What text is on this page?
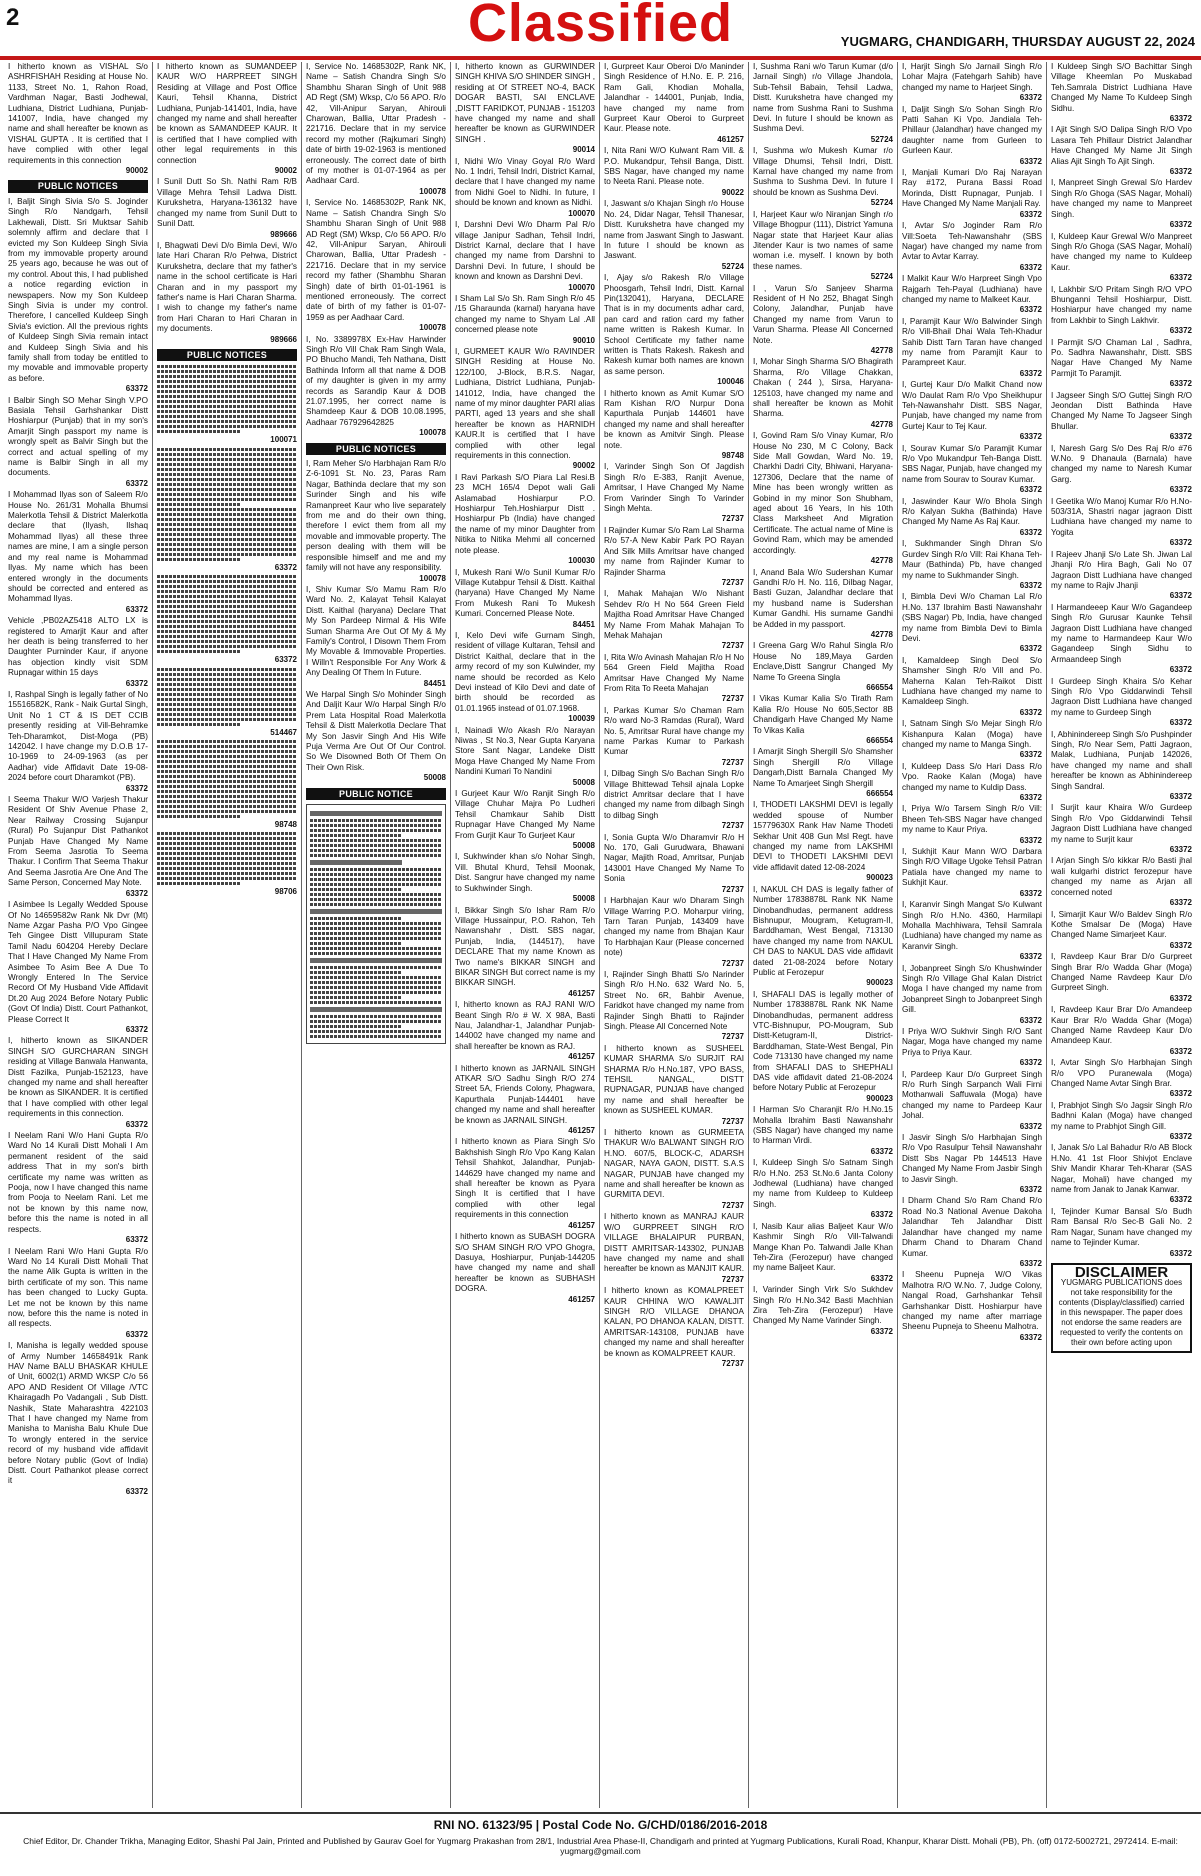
2	Classified	YUGMARG, CHANDIGARH, THURSDAY AUGUST 22, 2024

I hitherto known as VISHAL S/o ASHRFISHAH Residing at House No. 1133, Street No. 1, Rahon Road, Vardhman Nagar, Basti Jodhewal, Ludhiana, District Ludhiana, Punjab-141007, India, have changed my name and shall hereafter be known as VISHAL GUPTA . It is certified that I have complied with other legal requirements in this connection

90002
PUBLIC NOTICES

I, Baljit Singh Sivia S/o S. Joginder Singh R/o Nandgarh, Tehsil Lakhewali, Distt. Sri Muktsar Sahib solemnly affirm and declare that I evicted my Son Kuldeep Singh Sivia from my immovable property around 25 years ago, because he was out of my control. About this, I had published a notice regarding eviction in newspapers. Now my Son Kuldeep Singh Sivia is under my control. Therefore, I cancelled Kuldeep Singh Sivia's eviction. All the previous rights of Kuldeep Singh Sivia remain intact and Kuldeep Singh Sivia and his family shall from today be entitled to my movable and immovable property as before.

63372

I Balbir Singh SO Mehar Singh V.PO Basiala Tehsil Garhshankar Distt Hoshiarpur (Punjab) that in my son's Amarjit Singh passport my name is wrongly spelt as Balvir Singh but the correct and actual spelling of my name is Balbir Singh in all my documents.

63372

I Mohammad Ilyas son of Saleem R/o House No. 261/31 Mohalla Bhumsi Malerkotla Tehsil & District Malerkotla declare that (Ilyash, Ilshaq Mohammad Ilyas) all these three names are mine, I am a single person and my real name is Mohammad Ilyas. My name which has been entered wrongly in the documents should be corrected and entered as Mohammad Ilyas.

63372

Vehicle ,PB02AZ5418 ALTO LX is registered to Amarjit Kaur and after her death is being transferred to her Daughter Purninder Kaur, if anyone has objection kindly visit SDM Rupnagar within 15 days

63372

I, Rashpal Singh is legally father of No 15516582K, Rank - Naik Gurtal Singh, Unit No 1 CT & IS DET CCIB presently residing at Vill-Behramke Teh-Dharamkot, Dist-Moga (PB) 142042. I have change my D.O.B 17-10-1969 to 24-09-1963 (as per Aadhar) vide Affidavit Date 19-08-2024 before court Dharamkot (PB).

63372

I Seema Thakur W/O Varjesh Thakur Resident Of Shiv Avenue Phase 2, Near Railway Crossing Sujanpur (Rural) Po Sujanpur Dist Pathankot Punjab Have Changed My Name From Seema Jasrotia To Seema Thakur. I Confirm That Seema Thakur And Seema Jasrotia Are One And The Same Person, Concerned May Note.

63372

I Asimbee Is Legally Wedded Spouse Of No 14659582w Rank Nk Dvr (Mt) Name Azgar Pasha P/O Vpo Gingee Teh Gingee Distt Villupuram State Tamil Nadu 604204 Hereby Declare That I Have Changed My Name From Asimbee To Asim Bee A Due To Wrongly Entered In The Service Record Of My Husband Vide Affidavit Dt.20 Aug 2024 Before Notary Public (Govt Of India) Distt. Court Pathankot, Please Correct It

63372

I, hitherto known as SIKANDER SINGH S/O GURCHARAN SINGH residing at Village Banwala Hanwanta, Distt Fazilka, Punjab-152123, have changed my name and shall hereafter be known as SIKANDER. It is certified that I have complied with other legal requirements in this connection.

63372

I Neelam Rani W/o Hani Gupta R/o Ward No 14 Kurali Distt Mohali I Am permanent resident of the said address That in my son's birth certificate my name was written as Pooja, now I have changed this name from Pooja to Neelam Rani. Let me not be known by this name now, before this the name is noted in all respects.

63372

I Neelam Rani W/o Hani Gupta R/o Ward No 14 Kurali Distt Mohali That the name Alik Gupta is written in the birth certificate of my son. This name has been changed to Lucky Gupta. Let me not be known by this name now, before this the name is noted in all respects.

63372

I, Manisha is legally wedded spouse of Army Number 14658491k Rank HAV Name BALU BHASKAR KHULE of Unit, 6002(1) ARMD WKSP C/o 56 APO AND Resident Of Village /VTC Khairagadh Po Vadangali , Sub Distt. Nashik, State Maharashtra 422103 That I have changed my Name from Manisha to Manisha Balu Khule Due To wrongly entered in the service record of my husband vide affidavit before Notary public (Govt of India) Distt. Court Pathankot please correct it

63372

I hitherto known as SUMANDEEP KAUR W/O HARPREET SINGH Residing at Village and Post Office Kauri, Tehsil Khanna, District Ludhiana, Punjab-141401, India, have changed my name and shall hereafter be known as SAMANDEEP KAUR. It is certified that I have complied with other legal requirements in this connection

90002

I Sunil Dutt So Sh. Nathi Ram R/B Village Mehra Tehsil Ladwa Distt. Kurukshetra, Haryana-136132 have changed my name from Sunil Dutt to Sunil Datt.

989666

I, Bhagwati Devi D/o Bimla Devi, W/o late Hari Charan R/o Pehwa, District Kurukshetra, declare that my father's name in the school certificate is Hari Charan and in my passport my father's name is Hari Charan Sharma. I wish to change my father's name from Hari Charan to Hari Charan in my documents.

989666
PUBLIC NOTICES
100071
63372
63372
514467
98748
98706

I, Service No. 14685302P, Rank NK, Name – Satish Chandra Singh S/o Shambhu Sharan Singh of Unit 988 AD Regt (SM) Wksp, C/o 56 APO. R/o 42, Vill-Anipur Saryan, Ahirouli Charowan, Ballia, Uttar Pradesh - 221716. Declare that in my service record my mother (Rajkumari Singh) date of birth 19-02-1963 is mentioned erroneously. The correct date of birth of my mother is 01-07-1964 as per Aadhaar Card.

100078

I, Service No. 14685302P, Rank NK, Name – Satish Chandra Singh S/o Shambhu Sharan Singh of Unit 988 AD Regt (SM) Wksp, C/o 56 APO. R/o 42, Vill-Anipur Saryan, Ahirouli Charowan, Ballia, Uttar Pradesh - 221716. Declare that in my service record my father (Shambhu Sharan Singh) date of birth 01-01-1961 is mentioned erroneously. The correct date of birth of my father is 01-07-1959 as per Aadhaar Card.

100078

I, No. 3389978X Ex-Hav Harwinder Singh R/o Vill Chak Ram Singh Wala, PO Bhucho Mandi, Teh Nathana, Distt Bathinda Inform all that name & DOB of my daughter is given in my army records as Sarandip Kaur & DOB 21.07.1995, her correct name is Shamdeep Kaur & DOB 10.08.1995, Aadhaar 767929642825

100078
PUBLIC NOTICES

I, Ram Meher S/o Harbhajan Ram R/o Z-6-1091 St. No. 23, Paras Ram Nagar, Bathinda declare that my son Surinder Singh and his wife Ramanpreet Kaur who live separately from me and do their own thing, therefore I evict them from all my movable and immovable property. The person dealing with them will be responsible himself and me and my family will not have any responsibility.

100078

I, Shiv Kumar S/o Mamu Ram R/o Ward No. 2, Kalayat Tehsil Kalayat Distt. Kaithal (haryana) Declare That My Son Pardeep Nirmal & His Wife Suman Sharma Are Out Of My & My Family's Control, I Disown Them From My Movable & Immovable Properties. I Willn't Responsible For Any Work & Any Dealing Of Them In Future.

84451

We Harpal Singh S/o Mohinder Singh And Daljit Kaur W/o Harpal Singh R/o Prem Lata Hospital Road Malerkotla Tehsil & Distt Malerkotla Declare That My Son Jasvir Singh And His Wife Puja Verma Are Out Of Our Control. So We Disowned Both Of Them On Their Own Risk.

50008
PUBLIC NOTICE

I, hitherto known as GURWINDER SINGH KHIVA S/O SHINDER SINGH , residing at Of STREET NO-4, BACK DOGAR BASTI, SAI ENCLAVE ,DISTT FARIDKOT, PUNJAB - 151203 have changed my name and shall hereafter be known as GURWINDER SINGH .

90014

I, Nidhi W/o Vinay Goyal R/o Ward No. 1 Indri, Tehsil Indri, District Karnal, declare that I have changed my name from Nidhi Goel to Nidhi. In future, I should be known and known as Nidhi.

100070

I, Darshni Devi W/o Dharm Pal R/o village Janipur Sadhan, Tehsil Indri, District Karnal, declare that I have changed my name from Darshni to Darshni Devi. In future, I should be known and known as Darshni Devi.

100070

I Sham Lal S/o Sh. Ram Singh R/o 45 /15 Gharaunda (karnal) haryana have changed my name to Shyam Lal .All concerned please note

90010

I, GURMEET KAUR W/o RAVINDER SINGH Residing at House No. 122/100, J-Block, B.R.S. Nagar, Ludhiana, District Ludhiana, Punjab-141012, India, have changed the name of my minor daughter PARI alias PARTI, aged 13 years and she shall hereafter be known as HARNIDH KAUR.It is certified that I have complied with other legal requirements in this connection.

90002

I Ravi Parkash S/O Piara Lal Resi.B 23 MCH 165/4 Depot wali Gali Aslamabad Hoshiarpur P.O. Hoshiarpur Teh.Hoshiarpur Distt . Hoshiarpur Pb (India) have changed the name of my minor Daughter from Nitika to Nitika Mehmi all concerned note please.

100030

I, Mukesh Rani W/o Sunil Kumar R/o Village Kutabpur Tehsil & Distt. Kaithal (haryana) Have Changed My Name From Mukesh Rani To Mukesh Kumari. Concerned Please Note.

84451

I, Kelo Devi wife Gurnam Singh, resident of village Kultaran, Tehsil and District Kaithal, declare that in the army record of my son Kulwinder, my name should be recorded as Kelo Devi instead of Kilo Devi and date of birth should be recorded as 01.01.1965 instead of 01.07.1968.

100039

I, Nainadi W/o Akash R/o Narayan Niwas , St No.3, Near Gupta Karyana Store Sant Nagar, Landeke Distt Moga Have Changed My Name From Nandini Kumari To Nandini

50008

I Gurjeet Kaur W/o Ranjit Singh R/o Village Chuhar Majra Po Ludheri Tehsil Chamkaur Sahib Distt Rupnagar Have Changed My Name From Gurjit Kaur To Gurjeet Kaur

50008

I, Sukhwinder khan s/o Nohar Singh, Vill. Bhutal Khurd, Tehsil Moonak, Dist. Sangrur have changed my name to Sukhwinder Singh.

50008

I, Bikkar Singh S/o Ishar Ram R/o Village Hussainpur, P.O. Rahon, Teh Nawanshahr , Distt. SBS nagar, Punjab, India, (144517), have DECLARE That my name Known as Two name's BIKKAR SINGH and BIKAR SINGH But correct name is my BIKKAR SINGH.

461257

I, hitherto known as RAJ RANI W/O Beant Singh R/o # W. X 98A, Basti Nau, Jalandhar-1, Jalandhar Punjab-144002 have changed my name and shall hereafter be known as RAJ.

461257

I hitherto known as JARNAIL SINGH ATKAR S/O Sadhu Singh R/O 274 Street 5A, Friends Colony, Phagwara, Kapurthala Punjab-144401 have changed my name and shall hereafter be known as JARNAIL SINGH.

461257

I hitherto known as Piara Singh S/o Bakhshish Singh R/o Vpo Kang Kalan Tehsil Shahkot, Jalandhar, Punjab-144629 have changed my name and shall hereafter be known as Pyara Singh It is certified that I have complied with other legal requirements in this connection

461257

I hitherto known as SUBASH DOGRA S/O SHAM SINGH R/O VPO Ghogra, Dasuya, Hoshiarpur, Punjab-144205 have changed my name and shall hereafter be known as SUBHASH DOGRA.

461257

I, Gurpreet Kaur Oberoi D/o Maninder Singh Residence of H.No. E. P. 216, Ram Gali, Khodian Mohalla, Jalandhar - 144001, Punjab, India, have changed my name from Gurpreet Kaur Oberoi to Gurpreet Kaur. Please note.

461257

I, Nita Rani W/O Kulwant Ram Vill. & P.O. Mukandpur, Tehsil Banga, Distt. SBS Nagar, have changed my name to Neeta Rani. Please note.

90022

I, Jaswant s/o Khajan Singh r/o House No. 24, Didar Nagar, Tehsil Thanesar, Distt. Kurukshetra have changed my name from Jaswant Singh to Jaswant. In future I should be known as Jaswant.

52724

I, Ajay s/o Rakesh R/o Village Phoosgarh, Tehsil Indri, Distt. Karnal Pin(132041), Haryana, DECLARE That is in my documents adhar card, pan card and ration card my father name written is Rakesh Kumar. In School Certificate my father name written is Thats Rakesh. Rakesh and Rakesh kumar both names are known as same person.

100046

I hitherto known as Amit Kumar S/O Ram Kishan R/O Nurpur Dona Kapurthala Punjab 144601 have changed my name and shall hereafter be known as Amitvir Singh. Please note.

98748

I, Varinder Singh Son Of Jagdish Singh R/o E-383, Ranjit Avenue, Amritsar, I Have Changed My Name From Varinder Singh To Varinder Singh Mehta.

72737

I Rajinder Kumar S/o Ram Lal Sharma R/o 57-A New Kabir Park PO Rayan And Silk Mills Amritsar have changed my name from Rajinder Kumar to Rajinder Sharma

72737

I, Mahak Mahajan W/o Nishant Sehdev R/o H No 564 Green Field Majitha Road Amritsar Have Changed My Name From Mahak Mahajan To Mehak Mahajan

72737

I, Rita W/o Avinash Mahajan R/o H No 564 Green Field Majitha Road Amritsar Have Changed My Name From Rita To Reeta Mahajan

72737

I, Parkas Kumar S/o Chaman Ram R/o ward No-3 Ramdas (Rural), Ward No. 5, Amritsar Rural have change my name Parkas Kumar to Parkash Kumar

72737

I, Dilbag Singh S/o Bachan Singh R/o Village Bhittewad Tehsil ajnala Lopke district Amritsar declare that I have changed my name from dilbagh Singh to dilbag Singh

72737

I, Sonia Gupta W/o Dharamvir R/o H No. 170, Gali Gurudwara, Bhawani Nagar, Majith Road, Amritsar, Punjab 143001 Have Changed My Name To Sonia

72737

I Harbhajan Kaur w/o Dharam Singh Village Warring P.O. Moharpur viring, Tarn Taran Punjab, 143409 have changed my name from Bhajan Kaur To Harbhajan Kaur (Please concerned note)

72737

I, Rajinder Singh Bhatti S/o Narinder Singh R/o H.No. 632 Ward No. 5, Street No. 6R, Bahbir Avenue, Faridkot have changed my name from Rajinder Singh Bhatti to Rajinder Singh. Please All Concerned Note

72737

I hitherto known as SUSHEEL KUMAR SHARMA S/o SURJIT RAI SHARMA R/o H.No.187, VPO BASS, TEHSIL NANGAL, DISTT RUPNAGAR, PUNJAB have changed my name and shall hereafter be known as SUSHEEL KUMAR.

72737

I hitherto known as GURMEETA THAKUR W/o BALWANT SINGH R/O H.NO. 607/5, BLOCK-C, ADARSH NAGAR, NAYA GAON, DISTT. S.A.S NAGAR, PUNJAB have changed my name and shall hereafter be known as GURMITA DEVI.

72737

I hitherto known as MANRAJ KAUR W/O GURPREET SINGH R/O VILLAGE BHALAIPUR PURBAN, DISTT AMRITSAR-143302, PUNJAB have changed my name and shall hereafter be known as MANJIT KAUR.

72737

I hitherto known as KOMALPREET KAUR CHHINA W/O KAWALJIT SINGH R/O VILLAGE DHANOA KALAN, PO DHANOA KALAN, DISTT. AMRITSAR-143108, PUNJAB have changed my name and shall hereafter be known as KOMALPREET KAUR.

72737

I, Sushma Rani w/o Tarun Kumar (d/o Jarnail Singh) r/o Village Jhandola, Sub-Tehsil Babain, Tehsil Ladwa, Distt. Kurukshetra have changed my name from Sushma Rani to Sushma Devi. In future I should be known as Sushma Devi.

52724

I, Sushma w/o Mukesh Kumar r/o Village Dhumsi, Tehsil Indri, Distt. Karnal have changed my name from Sushma to Sushma Devi. In future I should be known as Sushma Devi.

52724

I, Harjeet Kaur w/o Niranjan Singh r/o Village Bhogpur (111), District Yamuna Nagar state that Harjeet Kaur alias Jitender Kaur is two names of same woman i.e. myself. I known by both these names.

52724

I , Varun S/o Sanjeev Sharma Resident of H No 252, Bhagat Singh Colony, Jalandhar, Punjab have Changed my name from Varun to Varun Sharma. Please All Concerned Note.

42778

I, Mohar Singh Sharma S/O Bhagirath Sharma, R/o Village Chakkan, Chakan ( 244 ), Sirsa, Haryana- 125103, have changed my name and shall hereafter be known as Mohit Sharma.

42778

I, Govind Ram S/o Vinay Kumar, R/o House No 230, M C Colony, Back Side Mall Gowdan, Ward No. 19, Charkhi Dadri City, Bhiwani, Haryana- 127306, Declare that the name of Mine has been wrongly written as Gobind in my minor Son Shubham, aged about 16 Years, In his 10th Class Marksheet And Migration Certificate. The actual name of Mine is Govind Ram, which may be amended accordingly.

42778

I, Anand Bala W/o Sudershan Kumar Gandhi R/o H. No. 116, Dilbag Nagar, Basti Guzan, Jalandhar declare that my husband name is Sudershan Kumar Gandhi. His surname Gandhi be Added in my passport.

42778

I Greena Garg W/o Rahul Singla R/o House No 189,Maya Garden Enclave,Distt Sangrur Changed My Name To Greena Singla

666554

I Vikas Kumar Kalia S/o Tirath Ram Kalia R/o House No 605,Sector 8B Chandigarh Have Changed My Name To Vikas Kalia

666554

I Amarjit Singh Shergill S/o Shamsher Singh Shergill R/o Village Dangarh,Distt Barnala Changed My Name To Amarjeet Singh Shergill

666554

I, THODETI LAKSHMI DEVI is legally wedded spouse of Number 15779630X Rank Hav Name Thodeti Sekhar Unit 408 Gun Msl Regt. have changed my name from LAKSHMI DEVI to THODETI LAKSHMI DEVI vide affidavit dated 12-08-2024

900023

I, NAKUL CH DAS is legally father of Number 17838878L Rank NK Name Dinobandhudas, permanent address Bishnupur, Mougram, Ketugram-II, Barddhaman, West Bengal, 713130 have changed my name from NAKUL CH DAS to NAKUL DAS vide affidavit dated 21-08-2024 before Notary Public at Ferozepur

900023

I, SHAFALI DAS is legally mother of Number 17838878L Rank NK Name Dinobandhudas, permanent address VTC-Bishnupur, PO-Mougram, Sub Distt-Ketugram-II, District-Barddhaman, State-West Bengal, Pin Code 713130 have changed my name from SHAFALI DAS to SHEPHALI DAS vide affidavit dated 21-08-2024 before Notary Public at Ferozepur

900023

I Harman S/o Charanjit R/o H.No.15 Mohalla Ibrahim Basti Nawanshahr (SBS Nagar) have changed my name to Harman Virdi.

63372

I, Kuldeep Singh S/o Satnam Singh R/o H.No. 253 St.No.6 Janta Colony Jodhewal (Ludhiana) have changed my name from Kuldeep to Kuldeep Singh.

63372

I, Nasib Kaur alias Baljeet Kaur W/o Kashmir Singh R/o Vill-Talwandi Mange Khan Po. Talwandi Jalle Khan Teh-Zira (Ferozepur) have changed my name Baljeet Kaur.

63372

I, Varinder Singh Virk S/o Sukhdev Singh R/o H.No.342 Basti Machhian Zira Teh-Zira (Ferozepur) Have Changed My Name Varinder Singh.

63372

I, Harjit Singh S/o Jarnail Singh R/o Lohar Majra (Fatehgarh Sahib) have changed my name to Harjeet Singh.

63372

I, Daljit Singh S/o Sohan Singh R/o Patti Sahan Ki Vpo. Jandiala Teh-Phillaur (Jalandhar) have changed my daughter name from Gurleen to Gurleen Kaur.

63372

I, Manjali Kumari D/o Raj Narayan Ray #172, Purana Bassi Road Morinda, Distt Rupnagar, Punjab. I Have Changed My Name Manjali Ray.

63372

I, Avtar S/o Joginder Ram R/o Vill:Soeta Teh-Nawanshahr (SBS Nagar) have changed my name from Avtar to Avtar Karray.

63372

I Malkit Kaur W/o Harpreet Singh Vpo Rajgarh Teh-Payal (Ludhiana) have changed my name to Malkeet Kaur.

63372

I, Paramjit Kaur W/o Balwinder Singh R/o Vill-Bhail Dhai Wala Teh-Khadur Sahib Distt Tarn Taran have changed my name from Paramjit Kaur to Parampreet Kaur.

63372

I, Gurtej Kaur D/o Malkit Chand now W/o Daulat Ram R/o Vpo Sheikhupur Teh-Nawanshahr Distt. SBS Nagar, Punjab, have changed my name from Gurtej Kaur to Tej Kaur.

63372

I, Sourav Kumar S/o Paramjit Kumar R/o Vpo Mukandpur Teh-Banga Distt. SBS Nagar, Punjab, have changed my name from Sourav to Sourav Kumar.

63372

I, Jaswinder Kaur W/o Bhola Singh R/o Kalyan Sukha (Bathinda) Have Changed My Name As Raj Kaur.

63372

I, Sukhmander Singh Dhran S/o Gurdev Singh R/o Vill: Rai Khana Teh-Maur (Bathinda) Pb, have changed my name to Sukhmander Singh.

63372

I, Bimbla Devi W/o Chaman Lal R/o H.No. 137 Ibrahim Basti Nawanshahr (SBS Nagar) Pb, India, have changed my name from Bimbla Devi to Bimla Devi.

63372

I, Kamaldeep Singh Deol S/o Shamsher Singh R/o Vill and Po. Maherna Kalan Teh-Raikot Distt Ludhiana have changed my name to Kamaldeep Singh.

63372

I, Satnam Singh S/o Mejar Singh R/o Kishanpura Kalan (Moga) have changed my name to Manga Singh.

63372

I, Kuldeep Dass S/o Hari Dass R/o Vpo. Raoke Kalan (Moga) have changed my name to Kuldip Dass.

63372

I, Priya W/o Tarsem Singh R/o Vill: Bheen Teh-SBS Nagar have changed my name to Kaur Priya.

63372

I, Sukhjit Kaur Mann W/O Darbara Singh R/O Village Ugoke Tehsil Patran Patiala have changed my name to Sukhjit Kaur.

63372

I, Karanvir Singh Mangat S/o Kulwant Singh R/o H.No. 4360, Harmilapi Mohalla Machhiwara, Tehsil Samrala (Ludhiana) have changed my name as Karanvir Singh.

63372

I, Jobanpreet Singh S/o Khushwinder Singh R/o Village Ghal Kalan District Moga I have changed my name from Jobanpreet Singh to Jobanpreet Singh Gill.

63372

I Priya W/O Sukhvir Singh R/O Sant Nagar, Moga have changed my name Priya to Priya Kaur.

63372

I, Pardeep Kaur D/o Gurpreet Singh R/o Rurh Singh Sarpanch Wali Firni Mothanwali Saffuwala (Moga) have changed my name to Pardeep Kaur Johal.

63372

I Jasvir Singh S/o Harbhajan Singh R/o Vpo Rasulpur Tehsil Nawanshahr Distt Sbs Nagar Pb 144513 Have Changed My Name From Jasbir Singh to Jasvir Singh.

63372

I Dharm Chand S/o Ram Chand R/o Road No.3 National Avenue Dakoha Jalandhar Teh Jalandhar Distt Jalandhar have changed my name Dharm Chand to Dharam Chand Kumar.

63372

I Sheenu Pupneja W/O Vikas Malhotra R/O W.No. 7, Judge Colony, Nangal Road, Garhshankar Tehsil Garhshankar Distt. Hoshiarpur have changed my name after marriage Sheenu Pupneja to Sheenu Malhotra.

63372

I Kuldeep Singh S/O Bachittar Singh Village Kheemlan Po Muskabad Teh.Samrala District Ludhiana Have Changed My Name To Kuldeep Singh Sidhu.

63372

I Ajit Singh S/O Dalipa Singh R/O Vpo Lasara Teh Phillaur District Jalandhar Have Changed My Name Jit Singh Alias Ajit Singh To Ajit Singh.

63372

I, Manpreet Singh Grewal S/o Hardev Singh R/o Ghoga (SAS Nagar, Mohali) have changed my name to Manpreet Singh.

63372

I, Kuldeep Kaur Grewal W/o Manpreet Singh R/o Ghoga (SAS Nagar, Mohali) have changed my name to Kuldeep Kaur.

63372

I, Lakhbir S/O Pritam Singh R/O VPO Bhunganni Tehsil Hoshiarpur, Distt. Hoshiarpur have changed my name from Lakhbir to Singh Lakhvir.

63372

I Parmjit S/O Chaman Lal , Sadhra, Po. Sadhra Nawanshahr, Distt. SBS Nagar Have Changed My Name Parmjit To Paramjit.

63372

I Jagseer Singh S/O Guttej Singh R/O Jeondan Distt Bathinda Have Changed My Name To Jagseer Singh Bhullar.

63372

I, Naresh Garg S/o Des Raj R/o #76 W.No. 9 Dhanaula (Barnala) have changed my name to Naresh Kumar Garg.

63372

I Geetika W/o Manoj Kumar R/o H.No-503/31A, Shastri nagar jagraon Distt Ludhiana have changed my name to Yogita

63372

I Rajeev Jhanji S/o Late Sh. Jiwan Lal Jhanji R/o Hira Bagh, Gali No 07 Jagraon Distt Ludhiana have changed my name to Rajiv Jhanji

63372

I Harmandeeep Kaur W/o Gagandeep Singh R/o Gurusar Kaunke Tehsil Jagraon Distt Ludhiana have changed my name to Harmandeep Kaur W/o Gagandeep Singh Sidhu to Armaandeep Singh

63372

I Gurdeep Singh Khaira S/o Kehar Singh R/o Vpo Giddarwindi Tehsil Jagraon Distt Ludhiana have changed my name to Gurdeep Singh

63372

I, Abhinindereep Singh S/o Pushpinder Singh, R/o Near Sem, Patti Jagraon, Malak, Ludhiana, Punjab 142026, have changed my name and shall hereafter be known as Abhinindereep Singh Sandral.

63372

I Surjit kaur Khaira W/o Gurdeep Singh R/o Vpo Giddarwindi Tehsil Jagraon Distt Ludhiana have changed my name to Surjit kaur

63372

I Arjan Singh S/o kikkar R/o Basti jhal wali kulgarhi district ferozepur have changed my name as Arjan all concerned noted

63372

I, Simarjit Kaur W/o Baldev Singh R/o Kothe Smalsar De (Moga) Have Changed Name Simarjeet Kaur.

63372

I, Ravdeep Kaur Brar D/o Gurpreet Singh Brar R/o Wadda Ghar (Moga) Changed Name Ravdeep Kaur D/o Gurpreet Singh.

63372

I, Ravdeep Kaur Brar D/o Amandeep Kaur Brar R/o Wadda Ghar (Moga) Changed Name Ravdeep Kaur D/o Amandeep Kaur.

63372

I, Avtar Singh S/o Harbhajan Singh R/o VPO Puranewala (Moga) Changed Name Avtar Singh Brar.

63372

I, Prabhjot Singh S/o Jagsir Singh R/o Badhni Kalan (Moga) have changed my name to Prabhjot Singh Gill.

63372

I, Janak S/o Lal Bahadur R/o AB Block H.No. 41 1st Floor Shivjot Enclave Shiv Mandir Kharar Teh-Kharar (SAS Nagar, Mohali) have changed my name from Janak to Janak Kanwar.

63372

I, Tejinder Kumar Bansal S/o Budh Ram Bansal R/o Sec-B Gali No. 2 Ram Nagar, Sunam have changed my name to Tejinder Kumar.

63372
DISCLAIMER
YUGMARG PUBLICATIONS does not take responsibility for the contents (Display/classified) carried in this newspaper. The paper does not endorse the same readers are requested to verify the contents on their own before acting upon
RNI NO. 61323/95 | Postal Code No. G/CHD/0186/2016-2018
Chief Editor, Dr. Chander Trikha, Managing Editor, Shashi Pal Jain, Printed and Published by Gaurav Goel for Yugmarg Prakashan from 28/1, Industrial Area Phase-II, Chandigarh and printed at Yugmarg Publications, Kurali Road, Khanpur, Kharar Distt. Mohali (PB), Ph. (off) 0172-5002721, 2972414. E-mail: yugmarg@gmail.com
